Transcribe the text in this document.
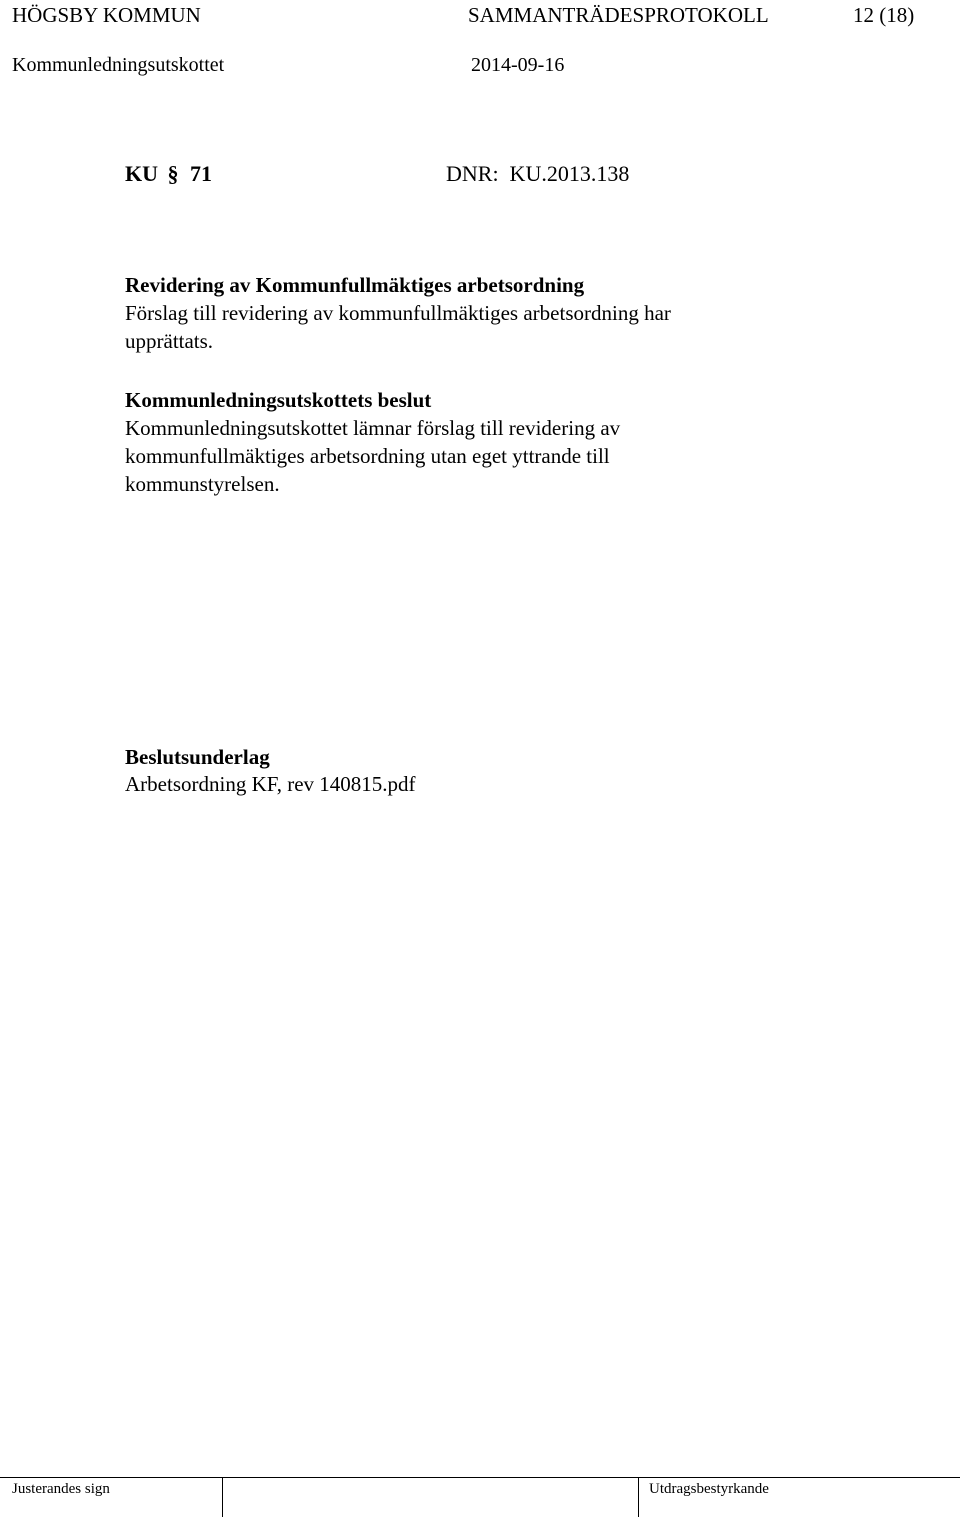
HÖGSBY KOMMUN	SAMMANTRÄDESPROTOKOLL	12 (18)
Kommunledningsutskottet	2014-09-16
KU § 71	DNR:  KU.2013.138
Revidering av Kommunfullmäktiges arbetsordning
Förslag till revidering av kommunfullmäktiges arbetsordning har
upprättats.
Kommunledningsutskottets beslut
Kommunledningsutskottet lämnar förslag till revidering av
kommunfullmäktiges arbetsordning utan eget yttrande till
kommunstyrelsen.
Beslutsunderlag
Arbetsordning KF, rev 140815.pdf
Justerandes sign	Utdragsbestyrkande
